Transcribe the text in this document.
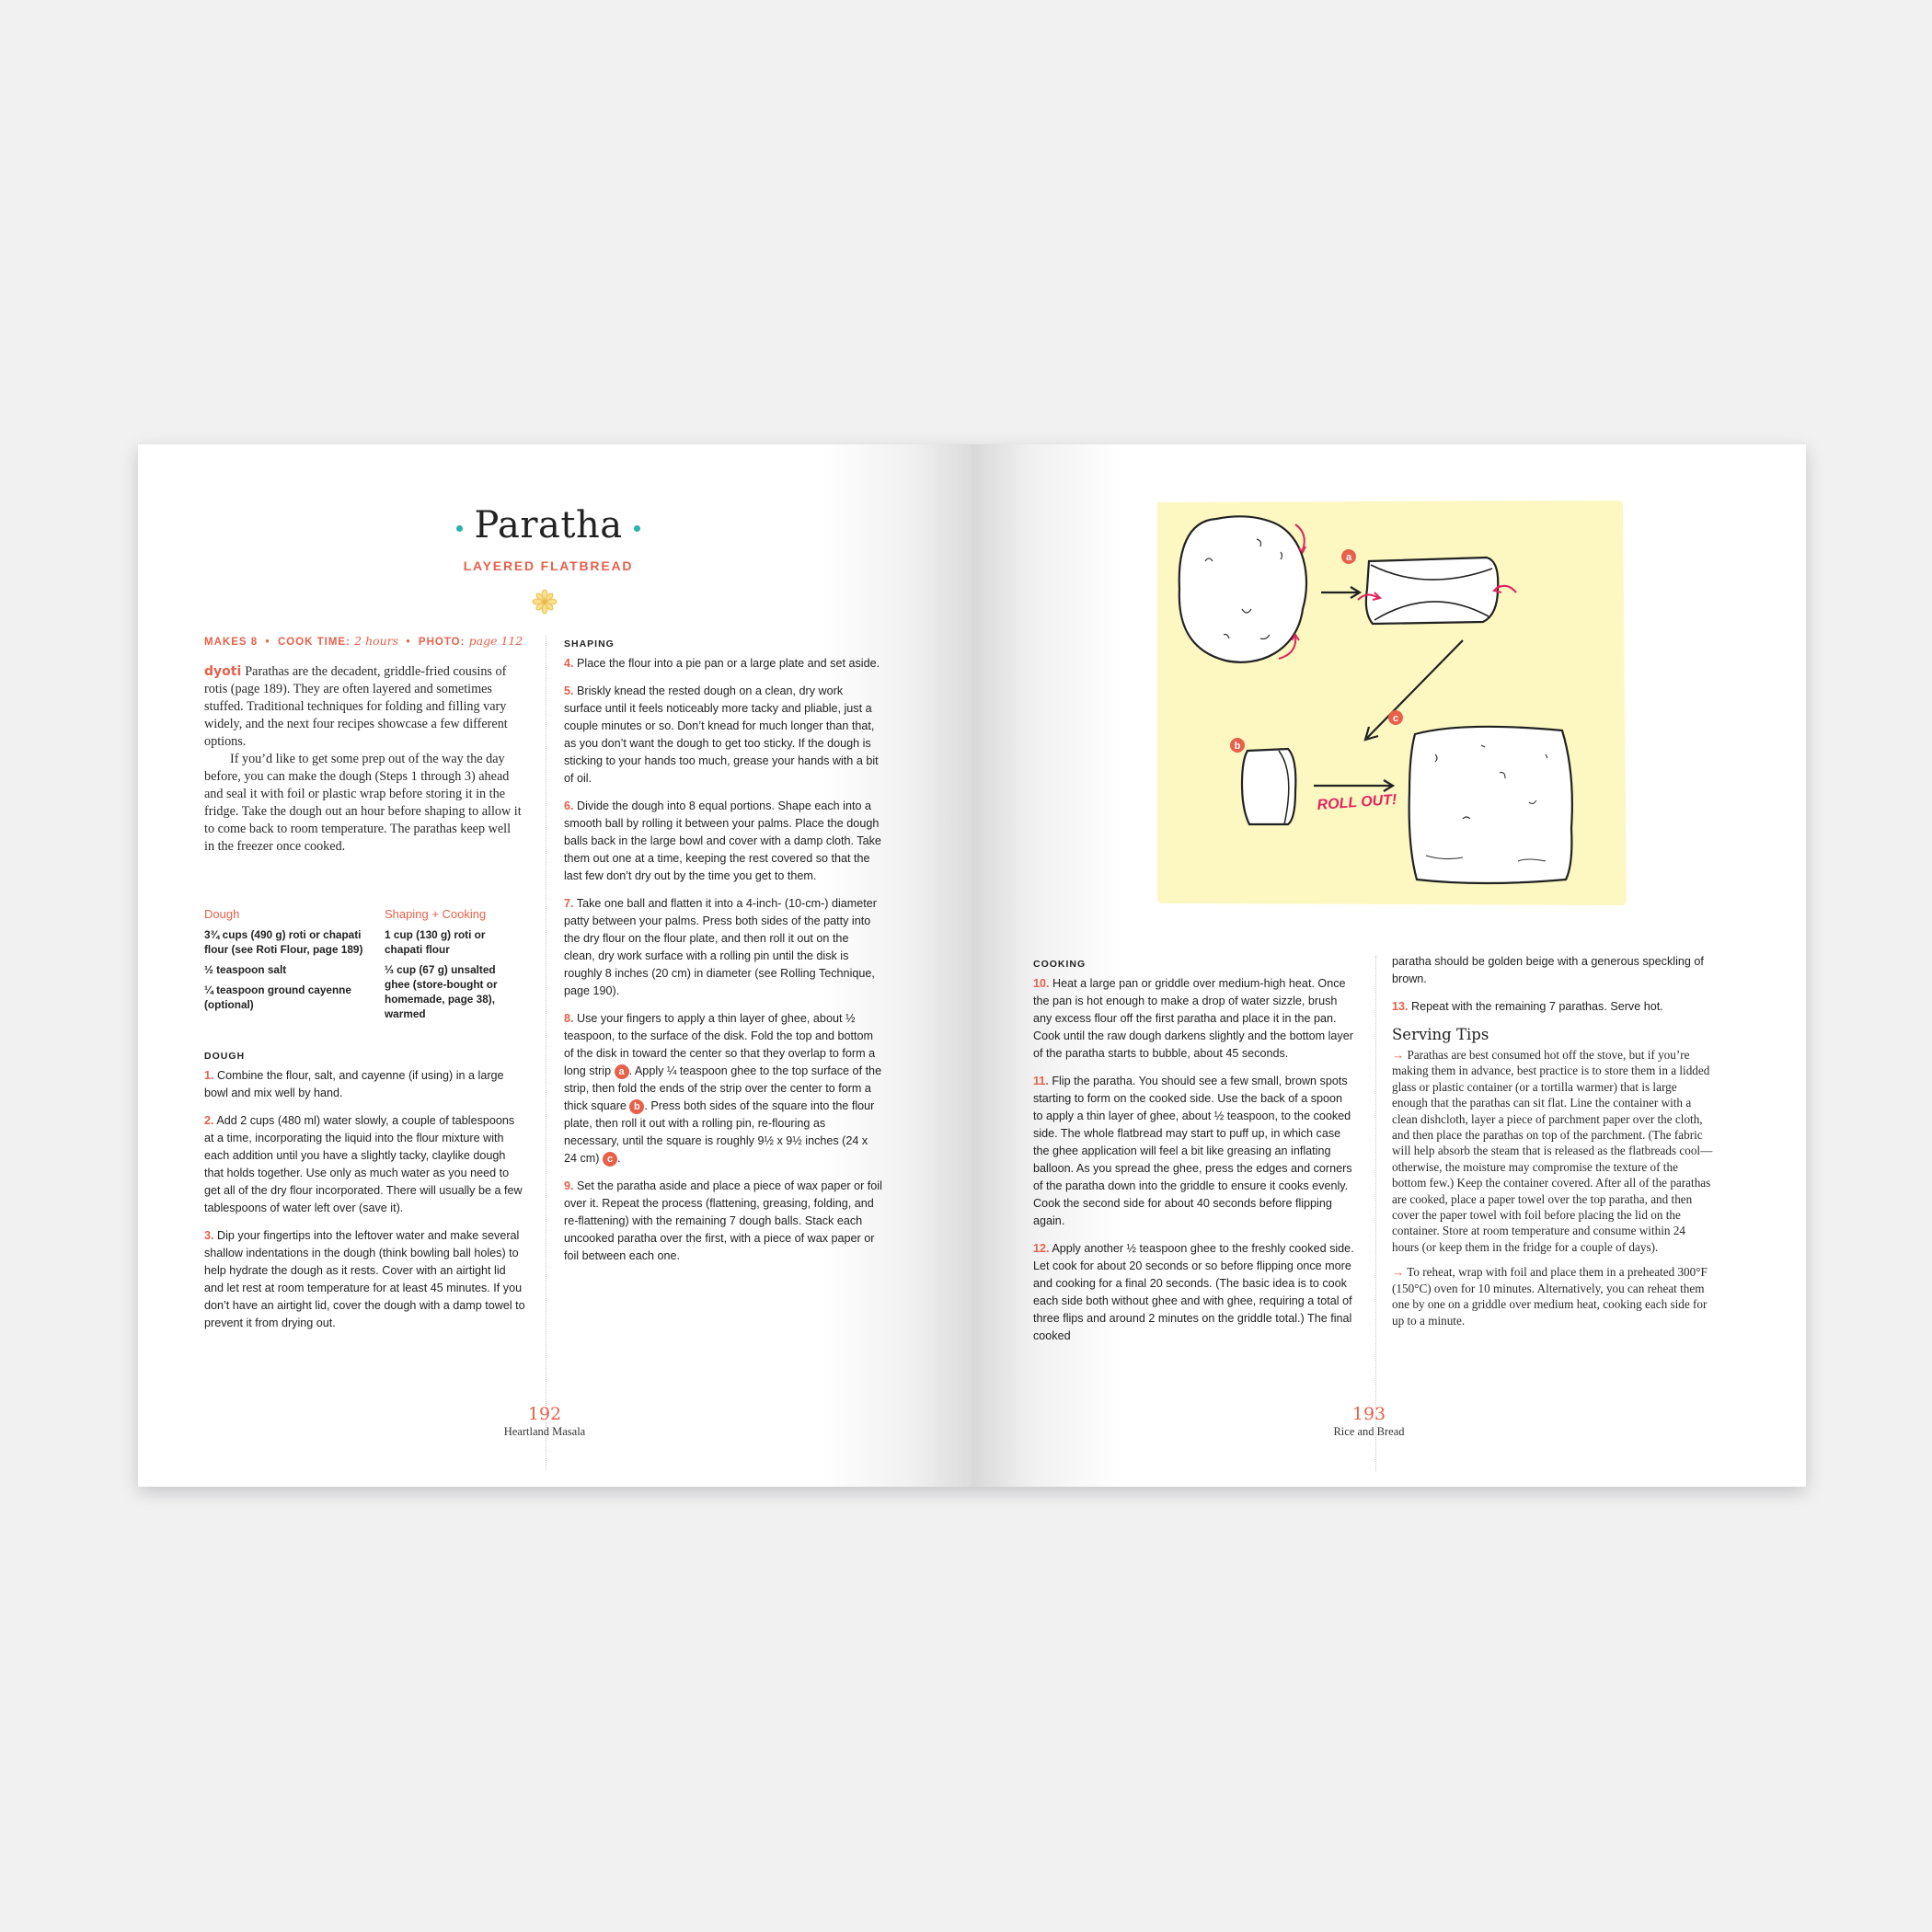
Paratha
LAYERED FLATBREAD
MAKES 8 • COOK TIME: 2 hours • PHOTO: page 112

dyoti Parathas are the decadent, griddle-fried cousins of rotis (page 189). They are often layered and sometimes stuffed. Traditional techniques for folding and filling vary widely, and the next four recipes showcase a few different options.

If you’d like to get some prep out of the way the day before, you can make the dough (Steps 1 through 3) ahead and seal it with foil or plastic wrap before storing it in the fridge. Take the dough out an hour before shaping to allow it to come back to room temperature. The parathas keep well in the freezer once cooked.

Dough

3¾ cups (490 g) roti or chapati flour (see Roti Flour, page 189)

½ teaspoon salt

¼ teaspoon ground cayenne (optional)

Shaping + Cooking

1 cup (130 g) roti or chapati flour

⅓ cup (67 g) unsalted ghee (store-bought or homemade, page 38), warmed

DOUGH

1. Combine the flour, salt, and cayenne (if using) in a large bowl and mix well by hand.

2. Add 2 cups (480 ml) water slowly, a couple of tablespoons at a time, incorporating the liquid into the flour mixture with each addition until you have a slightly tacky, claylike dough that holds together. Use only as much water as you need to get all of the dry flour incorporated. There will usually be a few tablespoons of water left over (save it).

3. Dip your fingertips into the leftover water and make several shallow indentations in the dough (think bowling ball holes) to help hydrate the dough as it rests. Cover with an airtight lid and let rest at room temperature for at least 45 minutes. If you don’t have an airtight lid, cover the dough with a damp towel to prevent it from drying out.

SHAPING

4. Place the flour into a pie pan or a large plate and set aside.

5. Briskly knead the rested dough on a clean, dry work surface until it feels noticeably more tacky and pliable, just a couple minutes or so. Don’t knead for much longer than that, as you don’t want the dough to get too sticky. If the dough is sticking to your hands too much, grease your hands with a bit of oil.

6. Divide the dough into 8 equal portions. Shape each into a smooth ball by rolling it between your palms. Place the dough balls back in the large bowl and cover with a damp cloth. Take them out one at a time, keeping the rest covered so that the last few don’t dry out by the time you get to them.

7. Take one ball and flatten it into a 4-inch- (10-cm-) diameter patty between your palms. Press both sides of the patty into the dry flour on the flour plate, and then roll it out on the clean, dry work surface with a rolling pin until the disk is roughly 8 inches (20 cm) in diameter (see Rolling Technique, page 190).

8. Use your fingers to apply a thin layer of ghee, about ½ teaspoon, to the surface of the disk. Fold the top and bottom of the disk in toward the center so that they overlap to form a long strip a . Apply ¼ teaspoon ghee to the top surface of the strip, then fold the ends of the strip over the center to form a thick square b . Press both sides of the square into the flour plate, then roll it out with a rolling pin, re-flouring as necessary, until the square is roughly 9½ x 9½ inches (24 x 24 cm) c .

9. Set the paratha aside and place a piece of wax paper or foil over it. Repeat the process (flattening, greasing, folding, and re-flattening) with the remaining 7 dough balls. Stack each uncooked paratha over the first, with a piece of wax paper or foil between each one.

192
Heartland Masala
a
b
ROLL OUT!
c

COOKING

10. Heat a large pan or griddle over medium-high heat. Once the pan is hot enough to make a drop of water sizzle, brush any excess flour off the first paratha and place it in the pan. Cook until the raw dough darkens slightly and the bottom layer of the paratha starts to bubble, about 45 seconds.

11. Flip the paratha. You should see a few small, brown spots starting to form on the cooked side. Use the back of a spoon to apply a thin layer of ghee, about ½ teaspoon, to the cooked side. The whole flatbread may start to puff up, in which case the ghee application will feel a bit like greasing an inflating balloon. As you spread the ghee, press the edges and corners of the paratha down into the griddle to ensure it cooks evenly. Cook the second side for about 40 seconds before flipping again.

12. Apply another ½ teaspoon ghee to the freshly cooked side. Let cook for about 20 seconds or so before flipping once more and cooking for a final 20 seconds. (The basic idea is to cook each side both without ghee and with ghee, requiring a total of three flips and around 2 minutes on the griddle total.) The final cooked

paratha should be golden beige with a generous speckling of brown.

13. Repeat with the remaining 7 parathas. Serve hot.

Serving Tips

→ Parathas are best consumed hot off the stove, but if you’re making them in advance, best practice is to store them in a lidded glass or plastic container (or a tortilla warmer) that is large enough that the parathas can sit flat. Line the container with a clean dishcloth, layer a piece of parchment paper over the cloth, and then place the parathas on top of the parchment. (The fabric will help absorb the steam that is released as the flatbreads cool—otherwise, the moisture may compromise the texture of the bottom few.) Keep the container covered. After all of the parathas are cooked, place a paper towel over the top paratha, and then cover the paper towel with foil before placing the lid on the container. Store at room temperature and consume within 24 hours (or keep them in the fridge for a couple of days).

→ To reheat, wrap with foil and place them in a preheated 300°F (150°C) oven for 10 minutes. Alternatively, you can reheat them one by one on a griddle over medium heat, cooking each side for up to a minute.

193
Rice and Bread
